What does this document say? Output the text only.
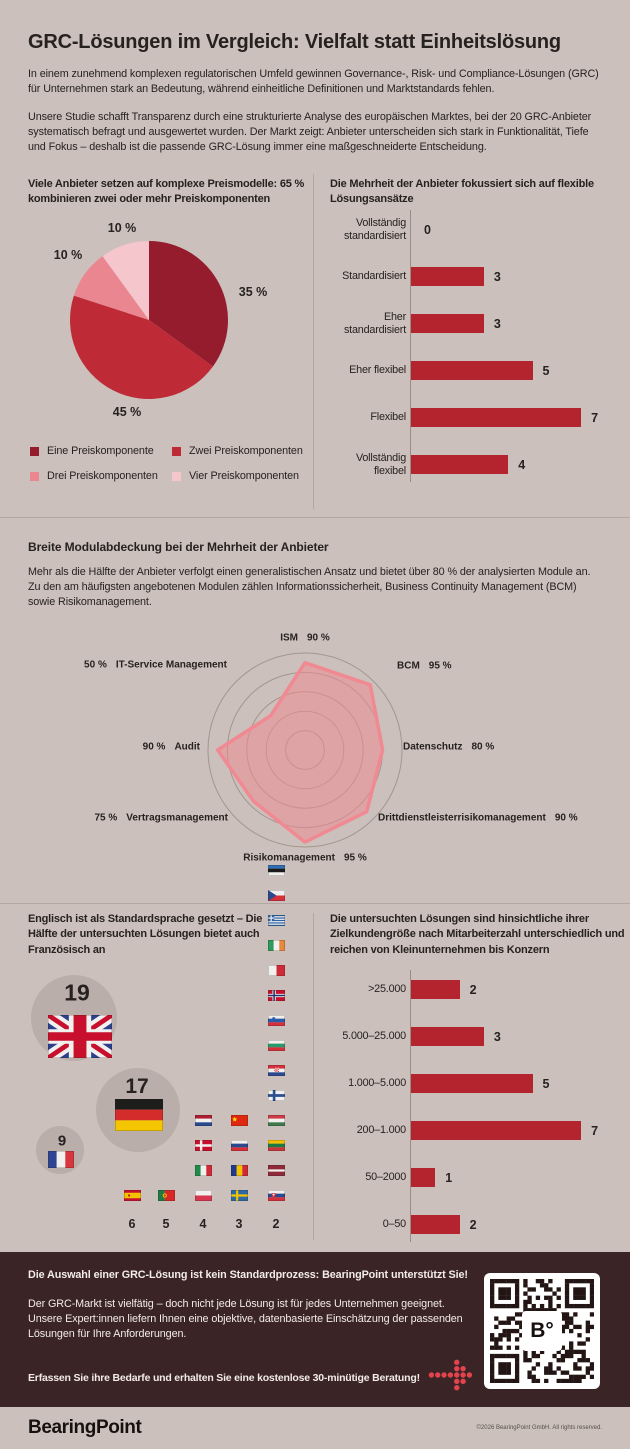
GRC-Lösungen im Vergleich: Vielfalt statt Einheitslösung

In einem zunehmend komplexen regulatorischen Umfeld gewinnen Governance-, Risk- und Compliance-Lösungen (GRC) für Unternehmen stark an Bedeutung, während einheitliche Definitionen und Marktstandards fehlen.

Unsere Studie schafft Transparenz durch eine strukturierte Analyse des europäischen Marktes, bei der 20 GRC-Anbieter systematisch befragt und ausgewertet wurden. Der Markt zeigt: Anbieter unterscheiden sich stark in Funktionalität, Tiefe und Fokus – deshalb ist die passende GRC-Lösung immer eine maßgeschneiderte Entscheidung.

Viele Anbieter setzen auf komplexe Preismodelle: 65 % kombinieren zwei oder mehr Preiskomponenten
35 %
45 %
10 %
10 %
Eine Preiskomponente	Zwei Preiskomponenten
Drei Preiskomponenten	Vier Preiskomponenten
Die Mehrheit der Anbieter fokussiert sich auf flexible Lösungsansätze
Vollständig standardisiert 0
Standardisiert	3
Eher standardisiert	3
Eher flexibel	5
Flexibel	7
Vollständig flexibel	4
Breite Modulabdeckung bei der Mehrheit der Anbieter

Mehr als die Hälfte der Anbieter verfolgt einen generalistischen Ansatz und bietet über 80 % der analysierten Module an. Zu den am häufigsten angebotenen Modulen zählen Informationssicherheit, Business Continuity Management (BCM) sowie Risikomanagement.

ISM 90 %
BCM 95 %
Datenschutz 80 %
Drittdienstleisterrisikomanagement 90 %
Risikomanagement 95 %
75 % Vertragsmanagement
90 % Audit
50 % IT-Service Management
Englisch ist als Standardsprache gesetzt – Die Hälfte der untersuchten Lösungen bietet auch Französisch an
19
17
9
6 5 4 3 2
Die untersuchten Lösungen sind hinsichtliche ihrer Zielkundengröße nach Mitarbeiterzahl unterschiedlich und reichen von Kleinunternehmen bis Konzern
>25.000	2
5.000–25.000	3
1.000–5.000	5
200–1.000	7
50–2000	1
0–50	2

Die Auswahl einer GRC-Lösung ist kein Standardprozess: BearingPoint unterstützt Sie!

Der GRC-Markt ist vielfätig – doch nicht jede Lösung ist für jedes Unternehmen geeignet. Unsere Expert:innen liefern Ihnen eine objektive, datenbasierte Einschätzung der passenden Lösungen für Ihre Anforderungen.

Erfassen Sie ihre Bedarfe und erhalten Sie eine kostenlose 30-minütige Beratung!
B°
BearingPoint	©2026 BearingPoint GmbH. All rights reserved.
